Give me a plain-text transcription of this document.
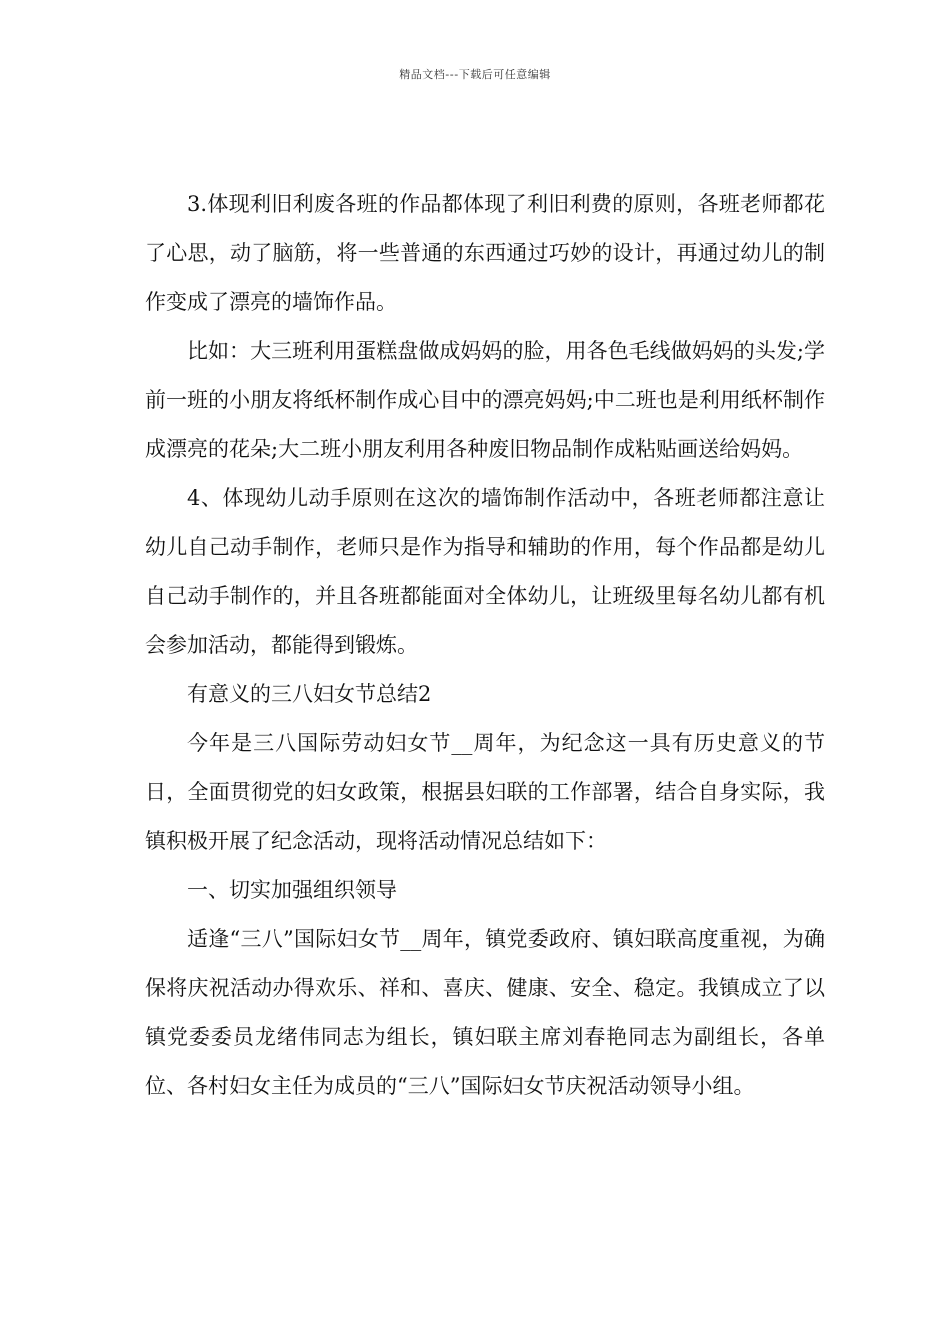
精品文档---下载后可任意编辑

3.体现利旧利废各班的作品都体现了利旧利费的原则，各班老师都花了心思，动了脑筋，将一些普通的东西通过巧妙的设计，再通过幼儿的制作变成了漂亮的墙饰作品。

比如：大三班利用蛋糕盘做成妈妈的脸，用各色毛线做妈妈的头发;学前一班的小朋友将纸杯制作成心目中的漂亮妈妈;中二班也是利用纸杯制作成漂亮的花朵;大二班小朋友利用各种废旧物品制作成粘贴画送给妈妈。

4、体现幼儿动手原则在这次的墙饰制作活动中，各班老师都注意让幼儿自己动手制作，老师只是作为指导和辅助的作用，每个作品都是幼儿自己动手制作的，并且各班都能面对全体幼儿，让班级里每名幼儿都有机会参加活动，都能得到锻炼。

有意义的三八妇女节总结2

今年是三八国际劳动妇女节__周年，为纪念这一具有历史意义的节日，全面贯彻党的妇女政策，根据县妇联的工作部署，结合自身实际，我镇积极开展了纪念活动，现将活动情况总结如下：

一、切实加强组织领导

适逢“三八”国际妇女节__周年，镇党委政府、镇妇联高度重视，为确保将庆祝活动办得欢乐、祥和、喜庆、健康、安全、稳定。我镇成立了以镇党委委员龙绪伟同志为组长，镇妇联主席刘春艳同志为副组长，各单位、各村妇女主任为成员的“三八”国际妇女节庆祝活动领导小组。
